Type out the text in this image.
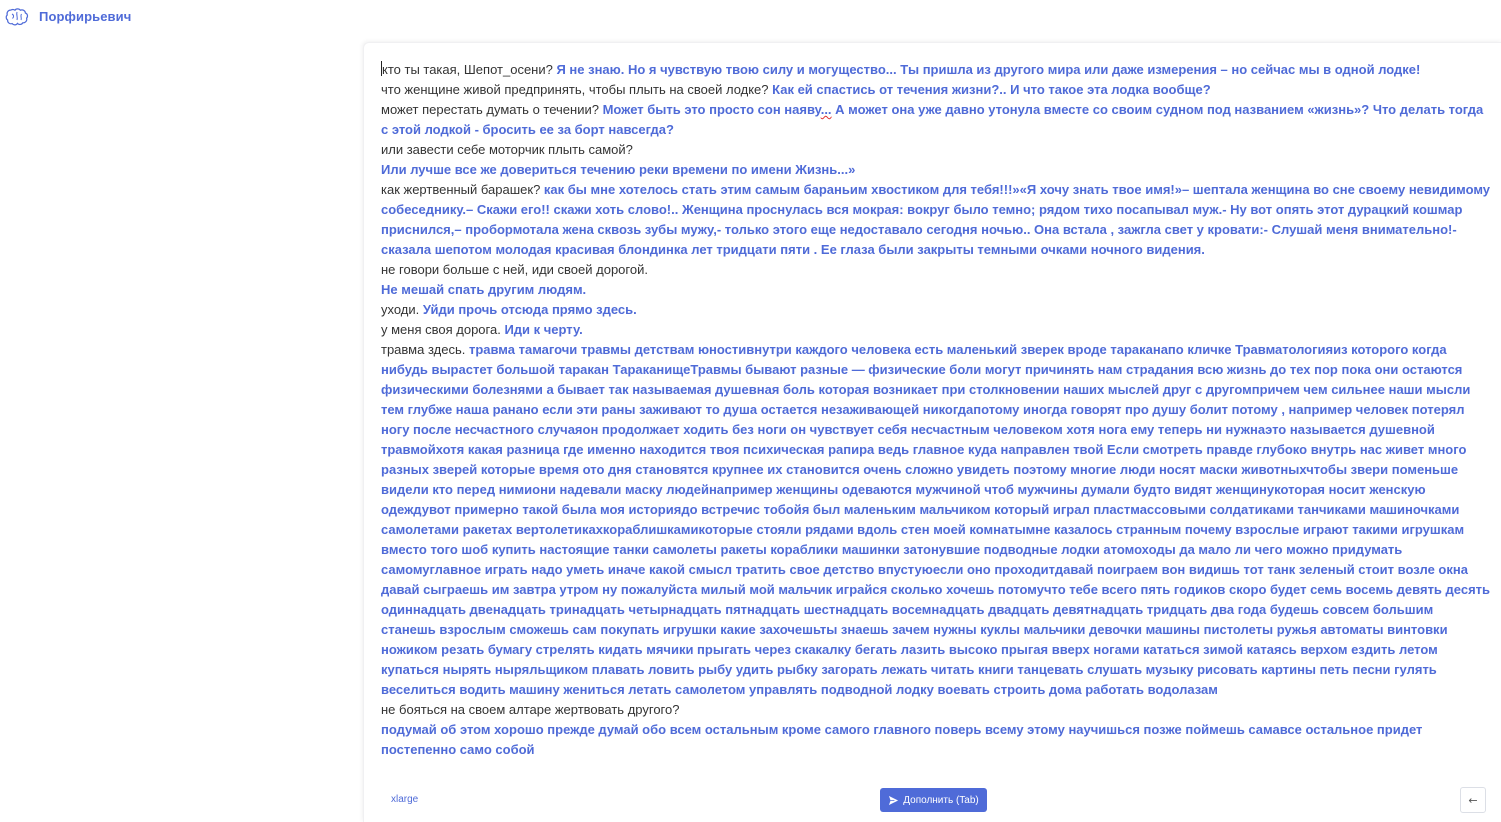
Порфирьевич
кто ты такая, Шепот_осени? Я не знаю. Но я чувствую твою силу и могущество... Ты пришла из другого мира или даже измерения – но сейчас мы в одной лодке!
что женщине живой предпринять, чтобы плыть на своей лодке? Как ей спастись от течения жизни?.. И что такое эта лодка вообще?
может перестать думать о течении? Может быть это просто сон наяву... А может она уже давно утонула вместе со своим судном под названием «жизнь»? Что делать тогда с этой лодкой - бросить ее за борт навсегда?
или завести себе моторчик плыть самой?
Или лучше все же довериться течению реки времени по имени Жизнь...»
как жертвенный барашек? как бы мне хотелось стать этим самым бараньим хвостиком для тебя!!!»«Я хочу знать твое имя!»– шептала женщина во сне своему невидимому собеседнику.– Скажи его!! скажи хоть слово!.. Женщина проснулась вся мокрая: вокруг было темно; рядом тихо посапывал муж.- Ну вот опять этот дурацкий кошмар приснился,– пробормотала жена сквозь зубы мужу,- только этого еще недоставало сегодня ночью.. Она встала , зажгла свет у кровати:- Слушай меня внимательно!- сказала шепотом молодая красивая блондинка лет тридцати пяти . Ее глаза были закрыты темными очками ночного видения.
не говори больше с ней, иди своей дорогой.
Не мешай спать другим людям.
уходи. Уйди прочь отсюда прямо здесь.
у меня своя дорога. Иди к черту.
травма здесь. травма тамагочи травмы детствам юностивнутри каждого человека есть маленький зверек вроде тараканапо кличке Травматологияиз которого когда нибудь вырастет большой таракан ТараканищеТравмы бывают разные — физические боли могут причинять нам страдания всю жизнь до тех пор пока они остаются физическими болезнями а бывает так называемая душевная боль которая возникает при столкновении наших мыслей друг с другомпричем чем сильнее наши мысли тем глубже наша ранано если эти раны заживают то душа остается незаживающей никогдапотому иногда говорят про душу болит потому , например человек потерял ногу после несчастного случаяон продолжает ходить без ноги он чувствует себя несчастным человеком хотя нога ему теперь ни нужнаэто называется душевной травмойхотя какая разница где именно находится твоя психическая рапира ведь главное куда направлен твой Если смотреть правде глубоко внутрь нас живет много разных зверей которые время ото дня становятся крупнее их становится очень сложно увидеть поэтому многие люди носят маски животныхчтобы звери поменьше видели кто перед нимиони надевали маску людейнапример женщины одеваются мужчиной чтоб мужчины думали будто видят женщинукоторая носит женскую одеждувот примерно такой была моя историядо встречис тобойя был маленьким мальчиком который играл пластмассовыми солдатиками танчиками машиночками самолетами ракетах вертолетикахкораблишкамикоторые стояли рядами вдоль стен моей комнатымне казалось странным почему взрослые играют такими игрушкам вместо того шоб купить настоящие танки самолеты ракеты кораблики машинки затонувшие подводные лодки атомоходы да мало ли чего можно придумать самомуглавное играть надо уметь иначе какой смысл тратить свое детство впустуюесли оно проходитдавай поиграем вон видишь тот танк зеленый стоит возле окна давай сыграешь им завтра утром ну пожалуйста милый мой мальчик играйся сколько хочешь потомучто тебе всего пять годиков скоро будет семь восемь девять десять одиннадцать двенадцать тринадцать четырнадцать пятнадцать шестнадцать восемнадцать двадцать девятнадцать тридцать два года будешь совсем большим станешь взрослым сможешь сам покупать игрушки какие захочешьты знаешь зачем нужны куклы мальчики девочки машины пистолеты ружья автоматы винтовки ножиком резать бумагу стрелять кидать мячики прыгать через скакалку бегать лазить высоко прыгая вверх ногами кататься зимой катаясь верхом ездить летом купаться нырять ныряльщиком плавать ловить рыбу удить рыбку загорать лежать читать книги танцевать слушать музыку рисовать картины петь песни гулять веселиться водить машину жениться летать самолетом управлять подводной лодку воевать строить дома работать водолазам
не бояться на своем алтаре жертвовать другого?
подумай об этом хорошо прежде думай обо всем остальным кроме самого главного поверь всему этому научишься позже поймешь самавсе остальное придет постепенно само собой
xlarge	Дополнить (Tab)	←
